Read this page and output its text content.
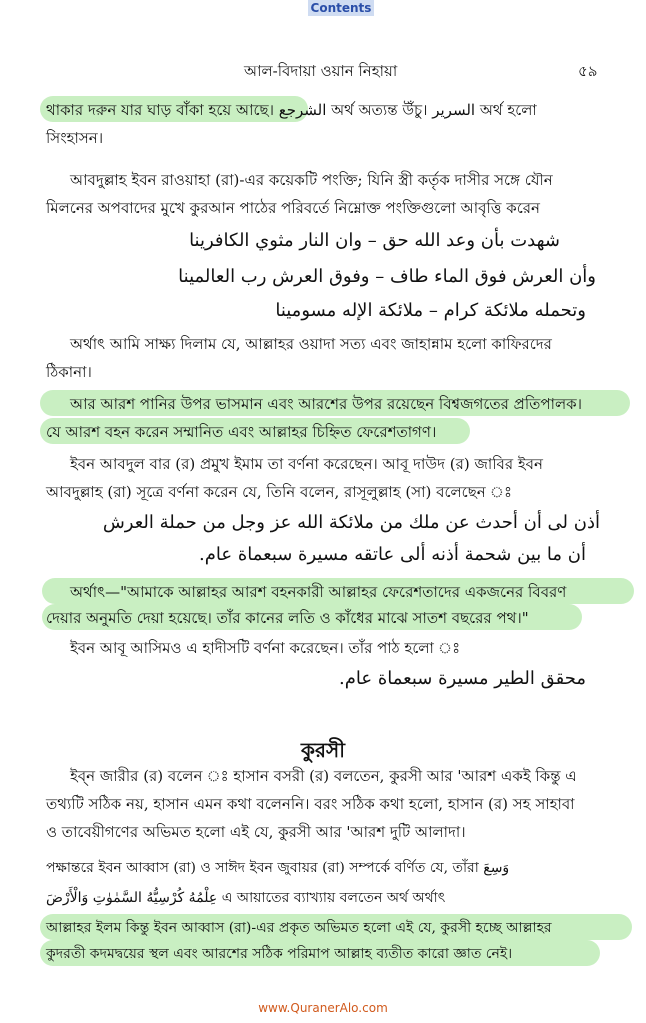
Contents
আল-বিদায়া ওয়ান নিহায়া	৫৯
থাকার দরুন যার ঘাড় বাঁকা হয়ে আছে। الشرجع অর্থ অত্যন্ত উঁচু। السرير অর্থ হলো
সিংহাসন।
আবদুল্লাহ ইবন রাওয়াহা (রা)-এর কয়েকটি পংক্তি; যিনি স্ত্রী কর্তৃক দাসীর সঙ্গে যৌন
মিলনের অপবাদের মুখে কুরআন পাঠের পরিবর্তে নিম্নোক্ত পংক্তিগুলো আবৃত্তি করেন
شهدت بأن وعد الله حق – وان النار مثوي الكافرينا
وأن العرش فوق الماء طاف – وفوق العرش رب العالمينا
وتحمله ملائكة كرام – ملائكة الإله مسومينا
অর্থাৎ আমি সাক্ষ্য দিলাম যে, আল্লাহর ওয়াদা সত্য এবং জাহান্নাম হলো কাফিরদের
ঠিকানা।
আর আরশ পানির উপর ভাসমান এবং আরশের উপর রয়েছেন বিশ্বজগতের প্রতিপালক।
যে আরশ বহন করেন সম্মানিত এবং আল্লাহর চিহ্নিত ফেরেশতাগণ।
ইবন আবদুল বার (র) প্রমুখ ইমাম তা বর্ণনা করেছেন। আবূ দাউদ (র) জাবির ইবন
আবদুল্লাহ (রা) সূত্রে বর্ণনা করেন যে, তিনি বলেন, রাসূলুল্লাহ (সা) বলেছেন ঃ
أذن لى أن أحدث عن ملك من ملائكة الله عز وجل من حملة العرش
أن ما بين شحمة أذنه ألى عاتقه مسيرة سبعماة عام.
অর্থাৎ—"আমাকে আল্লাহর আরশ বহনকারী আল্লাহর ফেরেশতাদের একজনের বিবরণ
দেয়ার অনুমতি দেয়া হয়েছে। তাঁর কানের লতি ও কাঁধের মাঝে সাতশ বছরের পথ।"
ইবন আবূ আসিমও এ হাদীসটি বর্ণনা করেছেন। তাঁর পাঠ হলো ঃ
محقق الطير مسيرة سبعماة عام.
কুরসী
ইব্ন জারীর (র) বলেন ঃ হাসান বসরী (র) বলতেন, কুরসী আর 'আরশ একই কিন্তু এ
তথ্যটি সঠিক নয়, হাসান এমন কথা বলেননি। বরং সঠিক কথা হলো, হাসান (র) সহ সাহাবা
ও তাবেয়ীগণের অভিমত হলো এই যে, কুরসী আর 'আরশ দুটি আলাদা।
পক্ষান্তরে ইবন আব্বাস (রা) ও সাঈদ ইবন জুবায়র (রা) সম্পর্কে বর্ণিত যে, তাঁরা وَسِعَ
عِلْمُهُ كُرْسِيُّهُ السَّمٰوٰتِ وَالْأَرْضَ এ আয়াতের ব্যাখ্যায় বলতেন অর্থ অর্থাৎ
আল্লাহর ইলম কিন্তু ইবন আব্বাস (রা)-এর প্রকৃত অভিমত হলো এই যে, কুরসী হচ্ছে আল্লাহর
কুদরতী কদমদ্বয়ের স্থল এবং আরশের সঠিক পরিমাপ আল্লাহ ব্যতীত কারো জ্ঞাত নেই।
www.QuranerAlo.com
